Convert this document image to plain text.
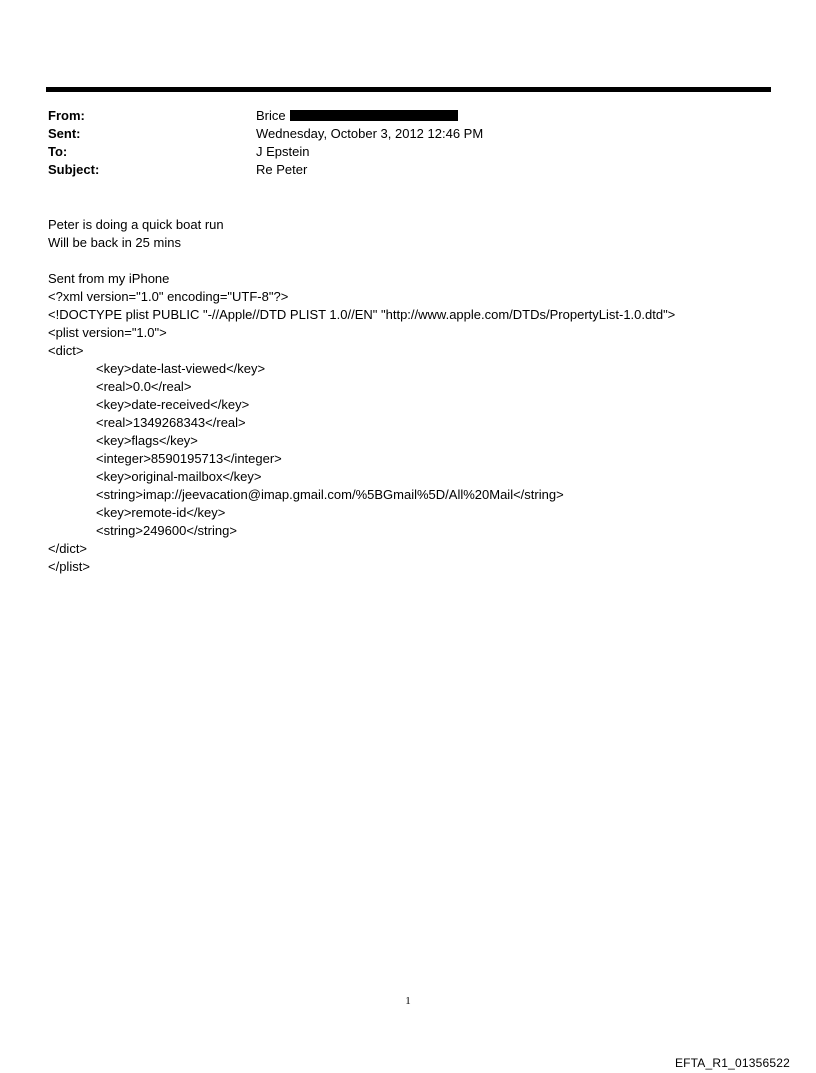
From:	Brice
Sent:	Wednesday, October 3, 2012 12:46 PM
To:	J Epstein
Subject:	Re Peter

Peter is doing a quick boat run

Will be back in 25 mins

Sent from my iPhone

<?xml version="1.0" encoding="UTF-8"?>

<!DOCTYPE plist PUBLIC "-//Apple//DTD PLIST 1.0//EN" "http://www.apple.com/DTDs/PropertyList-1.0.dtd">

<plist version="1.0">

<dict>

<key>date-last-viewed</key>

<real>0.0</real>

<key>date-received</key>

<real>1349268343</real>

<key>flags</key>

<integer>8590195713</integer>

<key>original-mailbox</key>

<string>imap://jeevacation@imap.gmail.com/%5BGmail%5D/All%20Mail</string>

<key>remote-id</key>

<string>249600</string>

</dict>

</plist>

1
EFTA_R1_01356522
